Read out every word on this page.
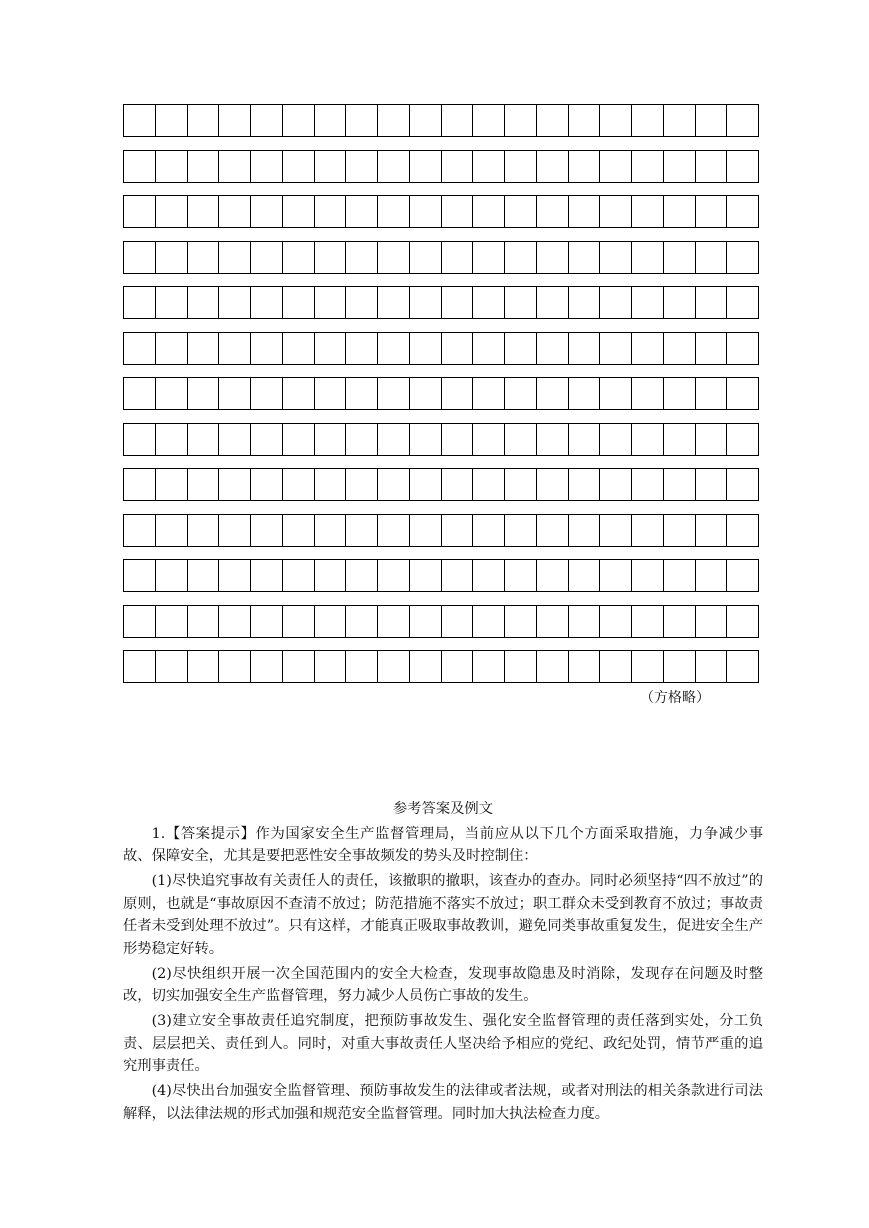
（方格略）
参考答案及例文

1.【答案提示】作为国家安全生产监督管理局，当前应从以下几个方面采取措施，力争减少事故、保障安全，尤其是要把恶性安全事故频发的势头及时控制住：

(1)尽快追究事故有关责任人的责任，该撤职的撤职，该查办的查办。同时必须坚持“四不放过”的原则，也就是“事故原因不查清不放过；防范措施不落实不放过；职工群众未受到教育不放过；事故责任者未受到处理不放过”。只有这样，才能真正吸取事故教训，避免同类事故重复发生，促进安全生产形势稳定好转。

(2)尽快组织开展一次全国范围内的安全大检查，发现事故隐患及时消除，发现存在问题及时整改，切实加强安全生产监督管理，努力减少人员伤亡事故的发生。

(3)建立安全事故责任追究制度，把预防事故发生、强化安全监督管理的责任落到实处，分工负责、层层把关、责任到人。同时，对重大事故责任人坚决给予相应的党纪、政纪处罚，情节严重的追究刑事责任。

(4)尽快出台加强安全监督管理、预防事故发生的法律或者法规，或者对刑法的相关条款进行司法解释，以法律法规的形式加强和规范安全监督管理。同时加大执法检查力度。
